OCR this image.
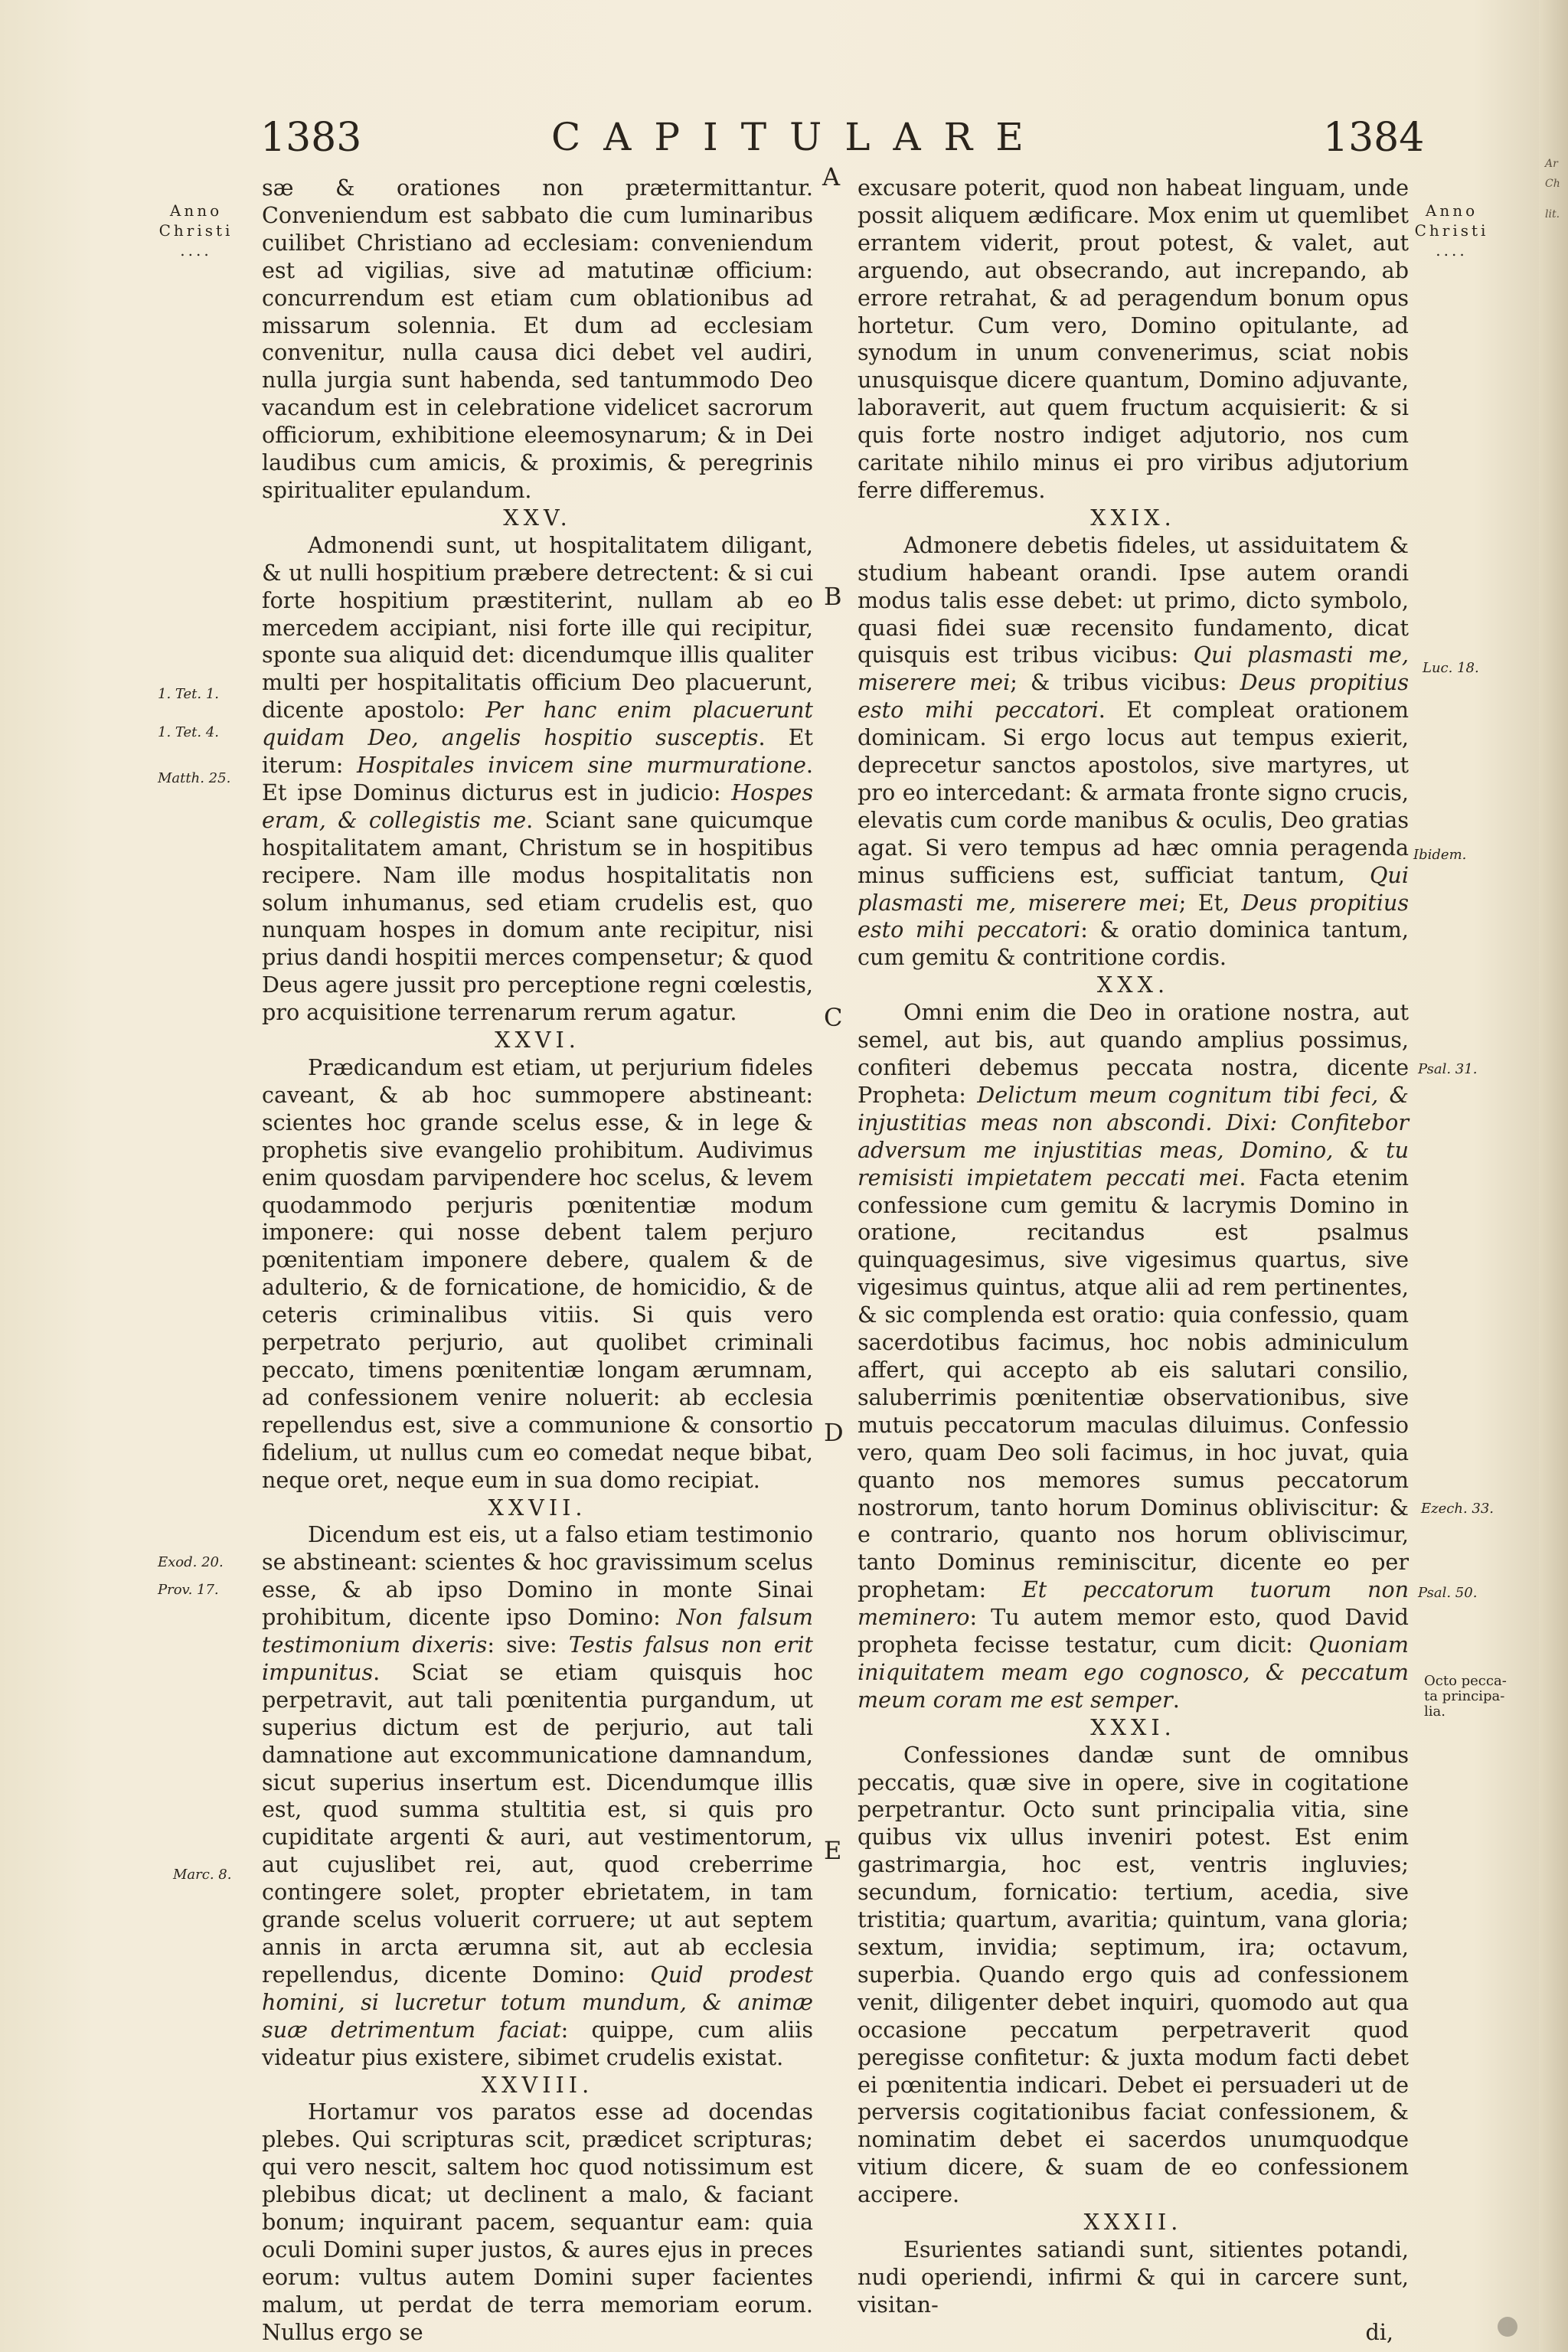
1383	CAPITULARE	1384
Anno
Christi
....
Anno
Christi
....
A
B
C
D
E
1. Tet. 1.
1. Tet. 4.
Matth. 25.
Exod. 20.
Prov. 17.
Marc. 8.
Luc. 18.
Ibidem.
Psal. 31.
Ezech. 33.
Psal. 50.
Octo pecca-
ta principa-
lia.

sæ & orationes non prætermittantur. Conveniendum est sabbato die cum luminaribus cuilibet Christiano ad ecclesiam: conveniendum est ad vigilias, sive ad matutinæ officium: concurrendum est etiam cum oblationibus ad missarum solennia. Et dum ad ecclesiam convenitur, nulla causa dici debet vel audiri, nulla jurgia sunt habenda, sed tantummodo Deo vacandum est in celebratione videlicet sacrorum officiorum, exhibitione eleemosynarum; & in Dei laudibus cum amicis, & proximis, & peregrinis spiritualiter epulandum.

XXV.

Admonendi sunt, ut hospitalitatem diligant, & ut nulli hospitium præbere detrectent: & si cui forte hospitium præstiterint, nullam ab eo mercedem accipiant, nisi forte ille qui recipitur, sponte sua aliquid det: dicendumque illis qualiter multi per hospitalitatis officium Deo placuerunt, dicente apostolo: Per hanc enim placuerunt quidam Deo, angelis hospitio susceptis. Et iterum: Hospitales invicem sine murmuratione. Et ipse Dominus dicturus est in judicio: Hospes eram, & collegistis me. Sciant sane quicumque hospitalitatem amant, Christum se in hospitibus recipere. Nam ille modus hospitalitatis non solum inhumanus, sed etiam crudelis est, quo nunquam hospes in domum ante recipitur, nisi prius dandi hospitii merces compensetur; & quod Deus agere jussit pro perceptione regni cœlestis, pro acquisitione terrenarum rerum agatur.

XXVI.

Prædicandum est etiam, ut perjurium fideles caveant, & ab hoc summopere abstineant: scientes hoc grande scelus esse, & in lege & prophetis sive evangelio prohibitum. Audivimus enim quosdam parvipendere hoc scelus, & levem quodammodo perjuris pœnitentiæ modum imponere: qui nosse debent talem perjuro pœnitentiam imponere debere, qualem & de adulterio, & de fornicatione, de homicidio, & de ceteris criminalibus vitiis. Si quis vero perpetrato perjurio, aut quolibet criminali peccato, timens pœnitentiæ longam ærumnam, ad confessionem venire noluerit: ab ecclesia repellendus est, sive a communione & consortio fidelium, ut nullus cum eo comedat neque bibat, neque oret, neque eum in sua domo recipiat.

XXVII.

Dicendum est eis, ut a falso etiam testimonio se abstineant: scientes & hoc gravissimum scelus esse, & ab ipso Domino in monte Sinai prohibitum, dicente ipso Domino: Non falsum testimonium dixeris: sive: Testis falsus non erit impunitus. Sciat se etiam quisquis hoc perpetravit, aut tali pœnitentia purgandum, ut superius dictum est de perjurio, aut tali damnatione aut excommunicatione damnandum, sicut superius insertum est. Dicendumque illis est, quod summa stultitia est, si quis pro cupiditate argenti & auri, aut vestimentorum, aut cujuslibet rei, aut, quod creberrime contingere solet, propter ebrietatem, in tam grande scelus voluerit corruere; ut aut septem annis in arcta ærumna sit, aut ab ecclesia repellendus, dicente Domino: Quid prodest homini, si lucretur totum mundum, & animæ suæ detrimentum faciat: quippe, cum aliis videatur pius existere, sibimet crudelis existat.

XXVIII.

Hortamur vos paratos esse ad docendas plebes. Qui scripturas scit, prædicet scripturas; qui vero nescit, saltem hoc quod notissimum est plebibus dicat; ut declinent a malo, & faciant bonum; inquirant pacem, sequantur eam: quia oculi Domini super justos, & aures ejus in preces eorum: vultus autem Domini super facientes malum, ut perdat de terra memoriam eorum. Nullus ergo se

excusare poterit, quod non habeat linguam, unde possit aliquem ædificare. Mox enim ut quemlibet errantem viderit, prout potest, & valet, aut arguendo, aut obsecrando, aut increpando, ab errore retrahat, & ad peragendum bonum opus hortetur. Cum vero, Domino opitulante, ad synodum in unum convenerimus, sciat nobis unusquisque dicere quantum, Domino adjuvante, laboraverit, aut quem fructum acquisierit: & si quis forte nostro indiget adjutorio, nos cum caritate nihilo minus ei pro viribus adjutorium ferre differemus.

XXIX.

Admonere debetis fideles, ut assiduitatem & studium habeant orandi. Ipse autem orandi modus talis esse debet: ut primo, dicto symbolo, quasi fidei suæ recensito fundamento, dicat quisquis est tribus vicibus: Qui plasmasti me, miserere mei; & tribus vicibus: Deus propitius esto mihi peccatori. Et compleat orationem dominicam. Si ergo locus aut tempus exierit, deprecetur sanctos apostolos, sive martyres, ut pro eo intercedant: & armata fronte signo crucis, elevatis cum corde manibus & oculis, Deo gratias agat. Si vero tempus ad hæc omnia peragenda minus sufficiens est, sufficiat tantum, Qui plasmasti me, miserere mei; Et, Deus propitius esto mihi peccatori: & oratio dominica tantum, cum gemitu & contritione cordis.

XXX.

Omni enim die Deo in oratione nostra, aut semel, aut bis, aut quando amplius possimus, confiteri debemus peccata nostra, dicente Propheta: Delictum meum cognitum tibi feci, & injustitias meas non abscondi. Dixi: Confitebor adversum me injustitias meas, Domino, & tu remisisti impietatem peccati mei. Facta etenim confessione cum gemitu & lacrymis Domino in oratione, recitandus est psalmus quinquagesimus, sive vigesimus quartus, sive vigesimus quintus, atque alii ad rem pertinentes, & sic complenda est oratio: quia confessio, quam sacerdotibus facimus, hoc nobis adminiculum affert, qui accepto ab eis salutari consilio, saluberrimis pœnitentiæ observationibus, sive mutuis peccatorum maculas diluimus. Confessio vero, quam Deo soli facimus, in hoc juvat, quia quanto nos memores sumus peccatorum nostrorum, tanto horum Dominus obliviscitur: & e contrario, quanto nos horum obliviscimur, tanto Dominus reminiscitur, dicente eo per prophetam: Et peccatorum tuorum non meminero: Tu autem memor esto, quod David propheta fecisse testatur, cum dicit: Quoniam iniquitatem meam ego cognosco, & peccatum meum coram me est semper.

XXXI.

Confessiones dandæ sunt de omnibus peccatis, quæ sive in opere, sive in cogitatione perpetrantur. Octo sunt principalia vitia, sine quibus vix ullus inveniri potest. Est enim gastrimargia, hoc est, ventris ingluvies; secundum, fornicatio: tertium, acedia, sive tristitia; quartum, avaritia; quintum, vana gloria; sextum, invidia; septimum, ira; octavum, superbia. Quando ergo quis ad confessionem venit, diligenter debet inquiri, quomodo aut qua occasione peccatum perpetraverit quod peregisse confitetur: & juxta modum facti debet ei pœnitentia indicari. Debet ei persuaderi ut de perversis cogitationibus faciat confessionem, & nominatim debet ei sacerdos unumquodque vitium dicere, & suam de eo confessionem accipere.

XXXII.

Esurientes satiandi sunt, sitientes potandi, nudi operiendi, infirmi & qui in carcere sunt, visitan-

di,

Ar
Ch
lit.
